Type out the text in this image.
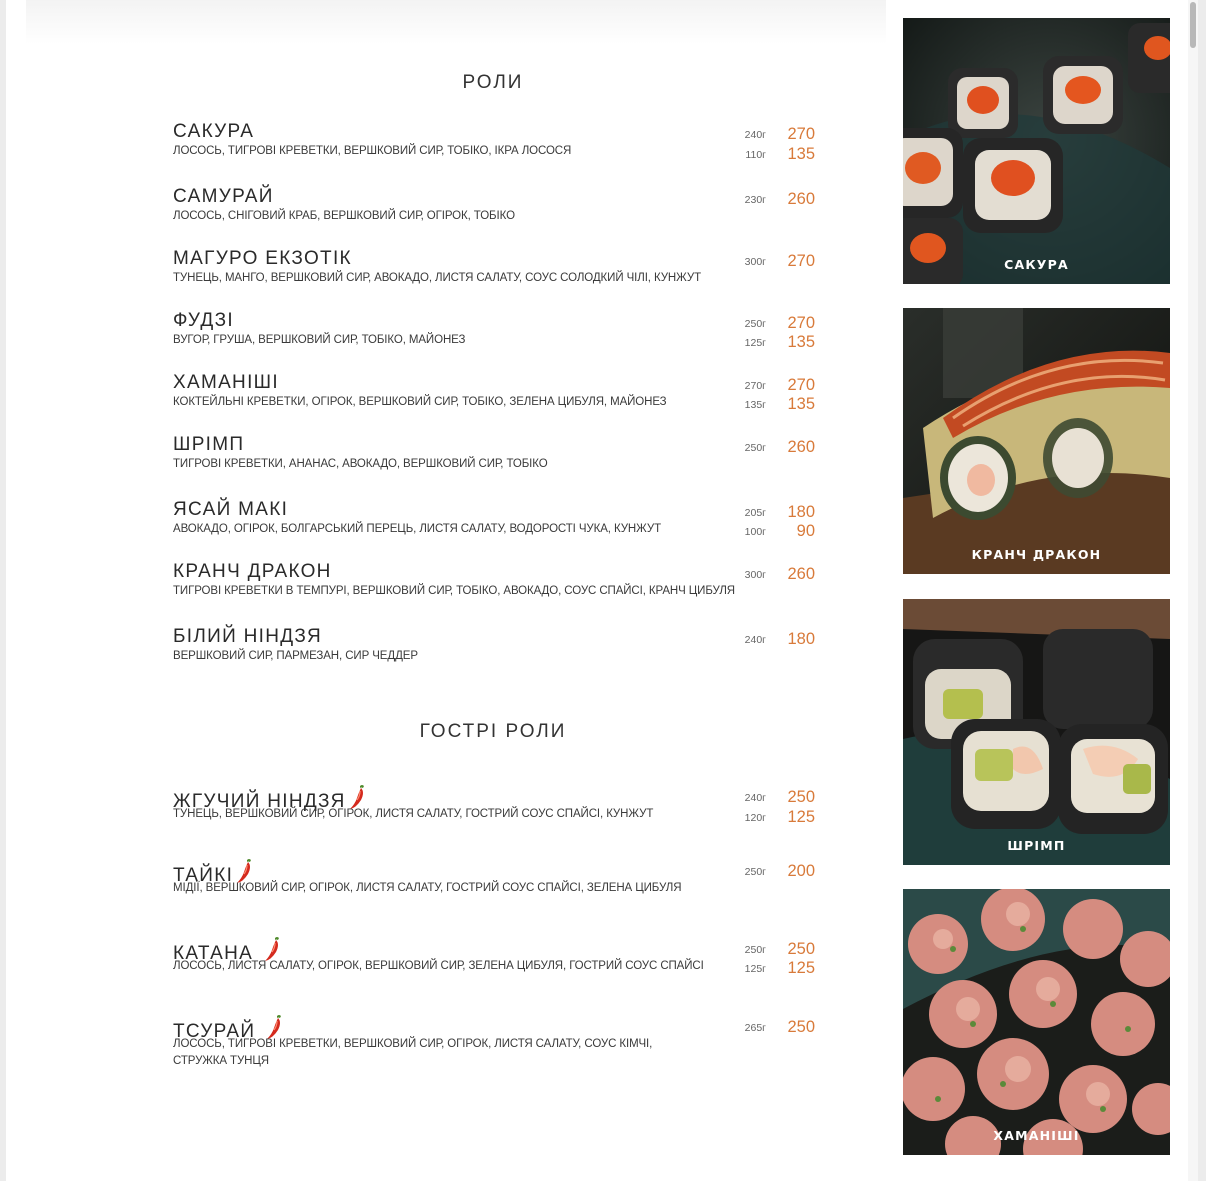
РОЛИ
САКУРА
ЛОСОСЬ, ТИГРОВІ КРЕВЕТКИ, ВЕРШКОВИЙ СИР, ТОБІКО, ІКРА ЛОСОСЯ
240г	270
110г	135
САМУРАЙ
ЛОСОСЬ, СНІГОВИЙ КРАБ, ВЕРШКОВИЙ СИР, ОГІРОК, ТОБІКО
230г	260
МАГУРО ЕКЗОТІК
ТУНЕЦЬ, МАНГО, ВЕРШКОВИЙ СИР, АВОКАДО, ЛИСТЯ САЛАТУ, СОУС СОЛОДКИЙ ЧІЛІ, КУНЖУТ
300г	270
ФУДЗІ
ВУГОР, ГРУША, ВЕРШКОВИЙ СИР, ТОБІКО, МАЙОНЕЗ
250г	270
125г	135
ХАМАНІШІ
КОКТЕЙЛЬНІ КРЕВЕТКИ, ОГІРОК, ВЕРШКОВИЙ СИР, ТОБІКО, ЗЕЛЕНА ЦИБУЛЯ, МАЙОНЕЗ
270г	270
135г	135
ШРІМП
ТИГРОВІ КРЕВЕТКИ, АНАНАС, АВОКАДО, ВЕРШКОВИЙ СИР, ТОБІКО
250г	260
ЯСАЙ МАКІ
АВОКАДО, ОГІРОК, БОЛГАРСЬКИЙ ПЕРЕЦЬ, ЛИСТЯ САЛАТУ, ВОДОРОСТІ ЧУКА, КУНЖУТ
205г	180
100г	90
КРАНЧ ДРАКОН
ТИГРОВІ КРЕВЕТКИ В ТЕМПУРІ, ВЕРШКОВИЙ СИР, ТОБІКО, АВОКАДО, СОУС СПАЙСІ, КРАНЧ ЦИБУЛЯ
300г	260
БІЛИЙ НІНДЗЯ
ВЕРШКОВИЙ СИР, ПАРМЕЗАН, СИР ЧЕДДЕР
240г	180
ГОСТРІ РОЛИ
ЖГУЧИЙ НІНДЗЯ
ТУНЕЦЬ, ВЕРШКОВИЙ СИР, ОГІРОК, ЛИСТЯ САЛАТУ, ГОСТРИЙ СОУС СПАЙСІ, КУНЖУТ
240г	250
120г	125
ТАЙКІ
МІДІЇ, ВЕРШКОВИЙ СИР, ОГІРОК, ЛИСТЯ САЛАТУ, ГОСТРИЙ СОУС СПАЙСІ, ЗЕЛЕНА ЦИБУЛЯ
250г	200
КАТАНА
ЛОСОСЬ, ЛИСТЯ САЛАТУ, ОГІРОК, ВЕРШКОВИЙ СИР, ЗЕЛЕНА ЦИБУЛЯ, ГОСТРИЙ СОУС СПАЙСІ
250г	250
125г	125
ТСУРАЙ
ЛОСОСЬ, ТИГРОВІ КРЕВЕТКИ, ВЕРШКОВИЙ СИР, ОГІРОК, ЛИСТЯ САЛАТУ, СОУС КІМЧІ, СТРУЖКА ТУНЦЯ
265г	250
САКУРА
КРАНЧ ДРАКОН
ШРІМП
ХАМАНІШІ
